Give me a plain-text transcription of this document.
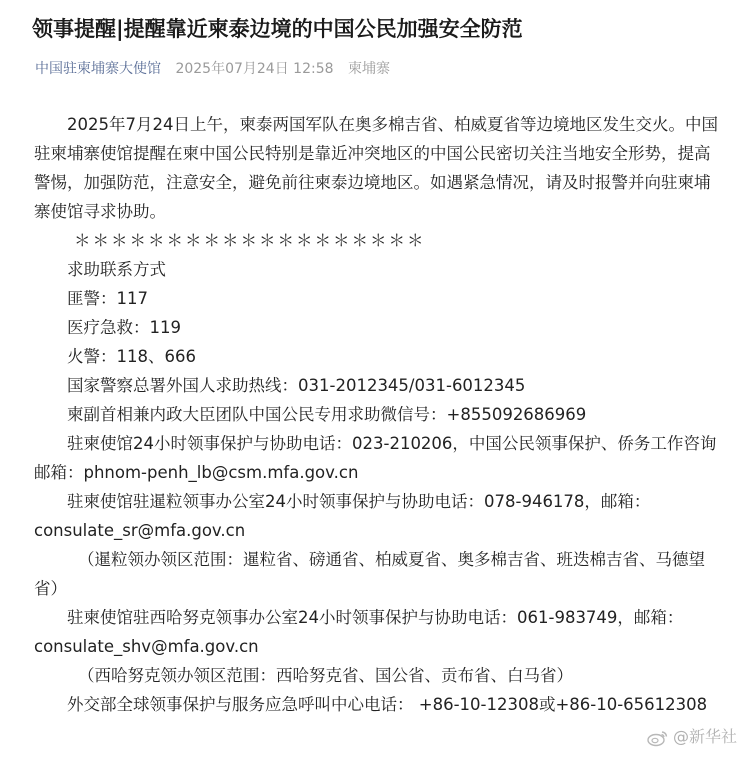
领事提醒|提醒靠近柬泰边境的中国公民加强安全防范
中国驻柬埔寨大使馆 2025年07月24日 12:58 柬埔寨

2025年7月24日上午，柬泰两国军队在奥多棉吉省、柏威夏省等边境地区发生交火。中国驻柬埔寨使馆提醒在柬中国公民特别是靠近冲突地区的中国公民密切关注当地安全形势，提高警惕，加强防范，注意安全，避免前往柬泰边境地区。如遇紧急情况，请及时报警并向驻柬埔寨使馆寻求协助。

＊＊＊＊＊＊＊＊＊＊＊＊＊＊＊＊＊＊＊

求助联系方式

匪警：117

医疗急救：119

火警：118、666

国家警察总署外国人求助热线：031-2012345/031-6012345

柬副首相兼内政大臣团队中国公民专用求助微信号：+855092686969

驻柬使馆24小时领事保护与协助电话：023-210206，中国公民领事保护、侨务工作咨询邮箱：phnom-penh_lb@csm.mfa.gov.cn

驻柬使馆驻暹粒领事办公室24小时领事保护与协助电话：078-946178，邮箱：consulate_sr@mfa.gov.cn

（暹粒领办领区范围：暹粒省、磅通省、柏威夏省、奥多棉吉省、班迭棉吉省、马德望省）

驻柬使馆驻西哈努克领事办公室24小时领事保护与协助电话：061-983749，邮箱：consulate_shv@mfa.gov.cn

（西哈努克领办领区范围：西哈努克省、国公省、贡布省、白马省）

外交部全球领事保护与服务应急呼叫中心电话： +86-10-12308或+86-10-65612308

@新华社
